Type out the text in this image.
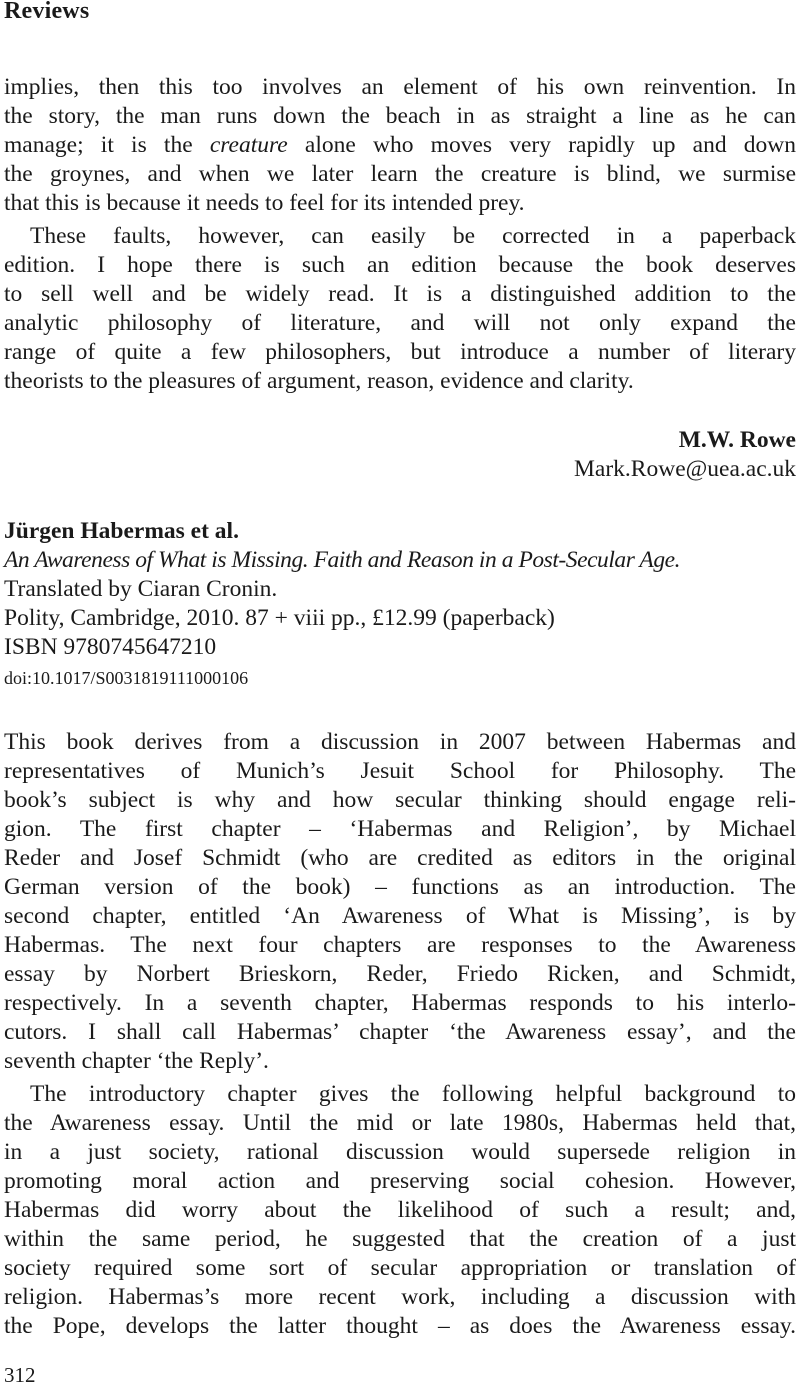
Reviews
implies, then this too involves an element of his own reinvention. In
the story, the man runs down the beach in as straight a line as he can
manage; it is the creature alone who moves very rapidly up and down
the groynes, and when we later learn the creature is blind, we surmise
that this is because it needs to feel for its intended prey.
These faults, however, can easily be corrected in a paperback
edition. I hope there is such an edition because the book deserves
to sell well and be widely read. It is a distinguished addition to the
analytic philosophy of literature, and will not only expand the
range of quite a few philosophers, but introduce a number of literary
theorists to the pleasures of argument, reason, evidence and clarity.
M.W. Rowe
Mark.Rowe@uea.ac.uk
Jürgen Habermas et al.
An Awareness of What is Missing. Faith and Reason in a Post-Secular Age.
Translated by Ciaran Cronin.
Polity, Cambridge, 2010. 87 + viii pp., £12.99 (paperback)
ISBN 9780745647210
doi:10.1017/S0031819111000106
This book derives from a discussion in 2007 between Habermas and
representatives of Munich’s Jesuit School for Philosophy. The
book’s subject is why and how secular thinking should engage reli-
gion. The first chapter – ‘Habermas and Religion’, by Michael
Reder and Josef Schmidt (who are credited as editors in the original
German version of the book) – functions as an introduction. The
second chapter, entitled ‘An Awareness of What is Missing’, is by
Habermas. The next four chapters are responses to the Awareness
essay by Norbert Brieskorn, Reder, Friedo Ricken, and Schmidt,
respectively. In a seventh chapter, Habermas responds to his interlo-
cutors. I shall call Habermas’ chapter ‘the Awareness essay’, and the
seventh chapter ‘the Reply’.
The introductory chapter gives the following helpful background to
the Awareness essay. Until the mid or late 1980s, Habermas held that,
in a just society, rational discussion would supersede religion in
promoting moral action and preserving social cohesion. However,
Habermas did worry about the likelihood of such a result; and,
within the same period, he suggested that the creation of a just
society required some sort of secular appropriation or translation of
religion. Habermas’s more recent work, including a discussion with
the Pope, develops the latter thought – as does the Awareness essay.
312
